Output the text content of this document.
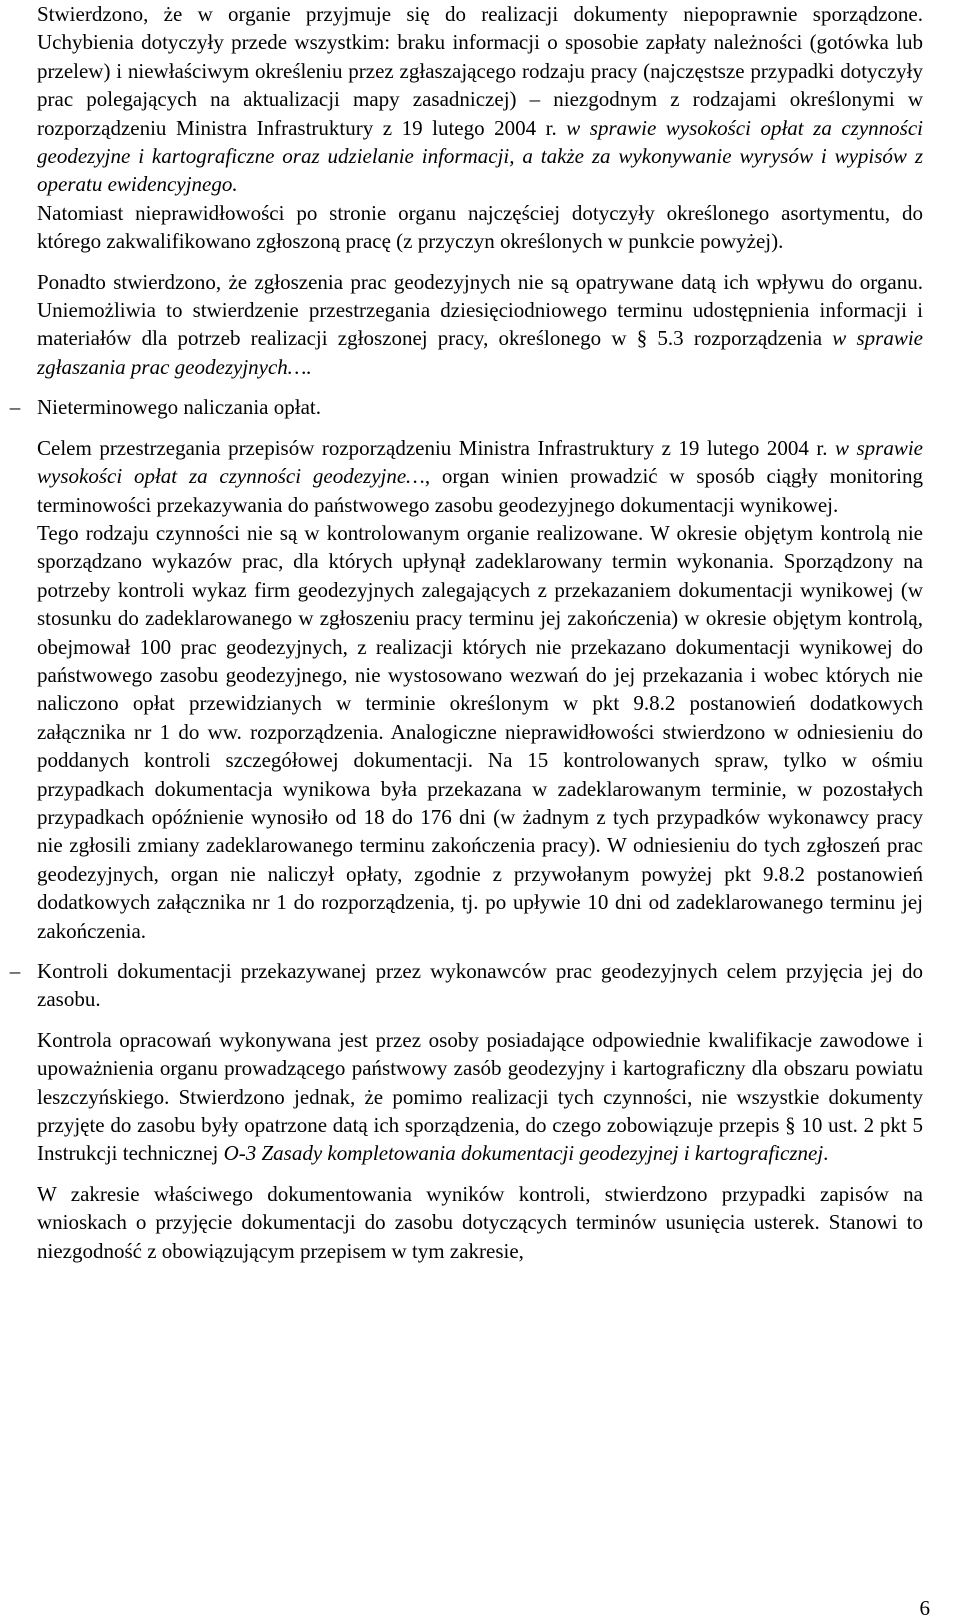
Stwierdzono, że w organie przyjmuje się do realizacji dokumenty niepoprawnie sporządzone. Uchybienia dotyczyły przede wszystkim: braku informacji o sposobie zapłaty należności (gotówka lub przelew) i niewłaściwym określeniu przez zgłaszającego rodzaju pracy (najczęstsze przypadki dotyczyły prac polegających na aktualizacji mapy zasadniczej) – niezgodnym z rodzajami określonymi w rozporządzeniu Ministra Infrastruktury z 19 lutego 2004 r. w sprawie wysokości opłat za czynności geodezyjne i kartograficzne oraz udzielanie informacji, a także za wykonywanie wyrysów i wypisów z operatu ewidencyjnego.

Natomiast nieprawidłowości po stronie organu najczęściej dotyczyły określonego asortymentu, do którego zakwalifikowano zgłoszoną pracę (z przyczyn określonych w punkcie powyżej).

Ponadto stwierdzono, że zgłoszenia prac geodezyjnych nie są opatrywane datą ich wpływu do organu. Uniemożliwia to stwierdzenie przestrzegania dziesięciodniowego terminu udostępnienia informacji i materiałów dla potrzeb realizacji zgłoszonej pracy, określonego w § 5.3 rozporządzenia w sprawie zgłaszania prac geodezyjnych….

– Nieterminowego naliczania opłat.

Celem przestrzegania przepisów rozporządzeniu Ministra Infrastruktury z 19 lutego 2004 r. w sprawie wysokości opłat za czynności geodezyjne…, organ winien prowadzić w sposób ciągły monitoring terminowości przekazywania do państwowego zasobu geodezyjnego dokumentacji wynikowej.

Tego rodzaju czynności nie są w kontrolowanym organie realizowane. W okresie objętym kontrolą nie sporządzano wykazów prac, dla których upłynął zadeklarowany termin wykonania. Sporządzony na potrzeby kontroli wykaz firm geodezyjnych zalegających z przekazaniem dokumentacji wynikowej (w stosunku do zadeklarowanego w zgłoszeniu pracy terminu jej zakończenia) w okresie objętym kontrolą, obejmował 100 prac geodezyjnych, z realizacji których nie przekazano dokumentacji wynikowej do państwowego zasobu geodezyjnego, nie wystosowano wezwań do jej przekazania i wobec których nie naliczono opłat przewidzianych w terminie określonym w pkt 9.8.2 postanowień dodatkowych załącznika nr 1 do ww. rozporządzenia. Analogiczne nieprawidłowości stwierdzono w odniesieniu do poddanych kontroli szczegółowej dokumentacji. Na 15 kontrolowanych spraw, tylko w ośmiu przypadkach dokumentacja wynikowa była przekazana w zadeklarowanym terminie, w pozostałych przypadkach opóźnienie wynosiło od 18 do 176 dni (w żadnym z tych przypadków wykonawcy pracy nie zgłosili zmiany zadeklarowanego terminu zakończenia pracy). W odniesieniu do tych zgłoszeń prac geodezyjnych, organ nie naliczył opłaty, zgodnie z przywołanym powyżej pkt 9.8.2 postanowień dodatkowych załącznika nr 1 do rozporządzenia, tj. po upływie 10 dni od zadeklarowanego terminu jej zakończenia.

– Kontroli dokumentacji przekazywanej przez wykonawców prac geodezyjnych celem przyjęcia jej do zasobu.

Kontrola opracowań wykonywana jest przez osoby posiadające odpowiednie kwalifikacje zawodowe i upoważnienia organu prowadzącego państwowy zasób geodezyjny i kartograficzny dla obszaru powiatu leszczyńskiego. Stwierdzono jednak, że pomimo realizacji tych czynności, nie wszystkie dokumenty przyjęte do zasobu były opatrzone datą ich sporządzenia, do czego zobowiązuje przepis § 10 ust. 2 pkt 5 Instrukcji technicznej O-3 Zasady kompletowania dokumentacji geodezyjnej i kartograficznej.

W zakresie właściwego dokumentowania wyników kontroli, stwierdzono przypadki zapisów na wnioskach o przyjęcie dokumentacji do zasobu dotyczących terminów usunięcia usterek. Stanowi to niezgodność z obowiązującym przepisem w tym zakresie,

6
